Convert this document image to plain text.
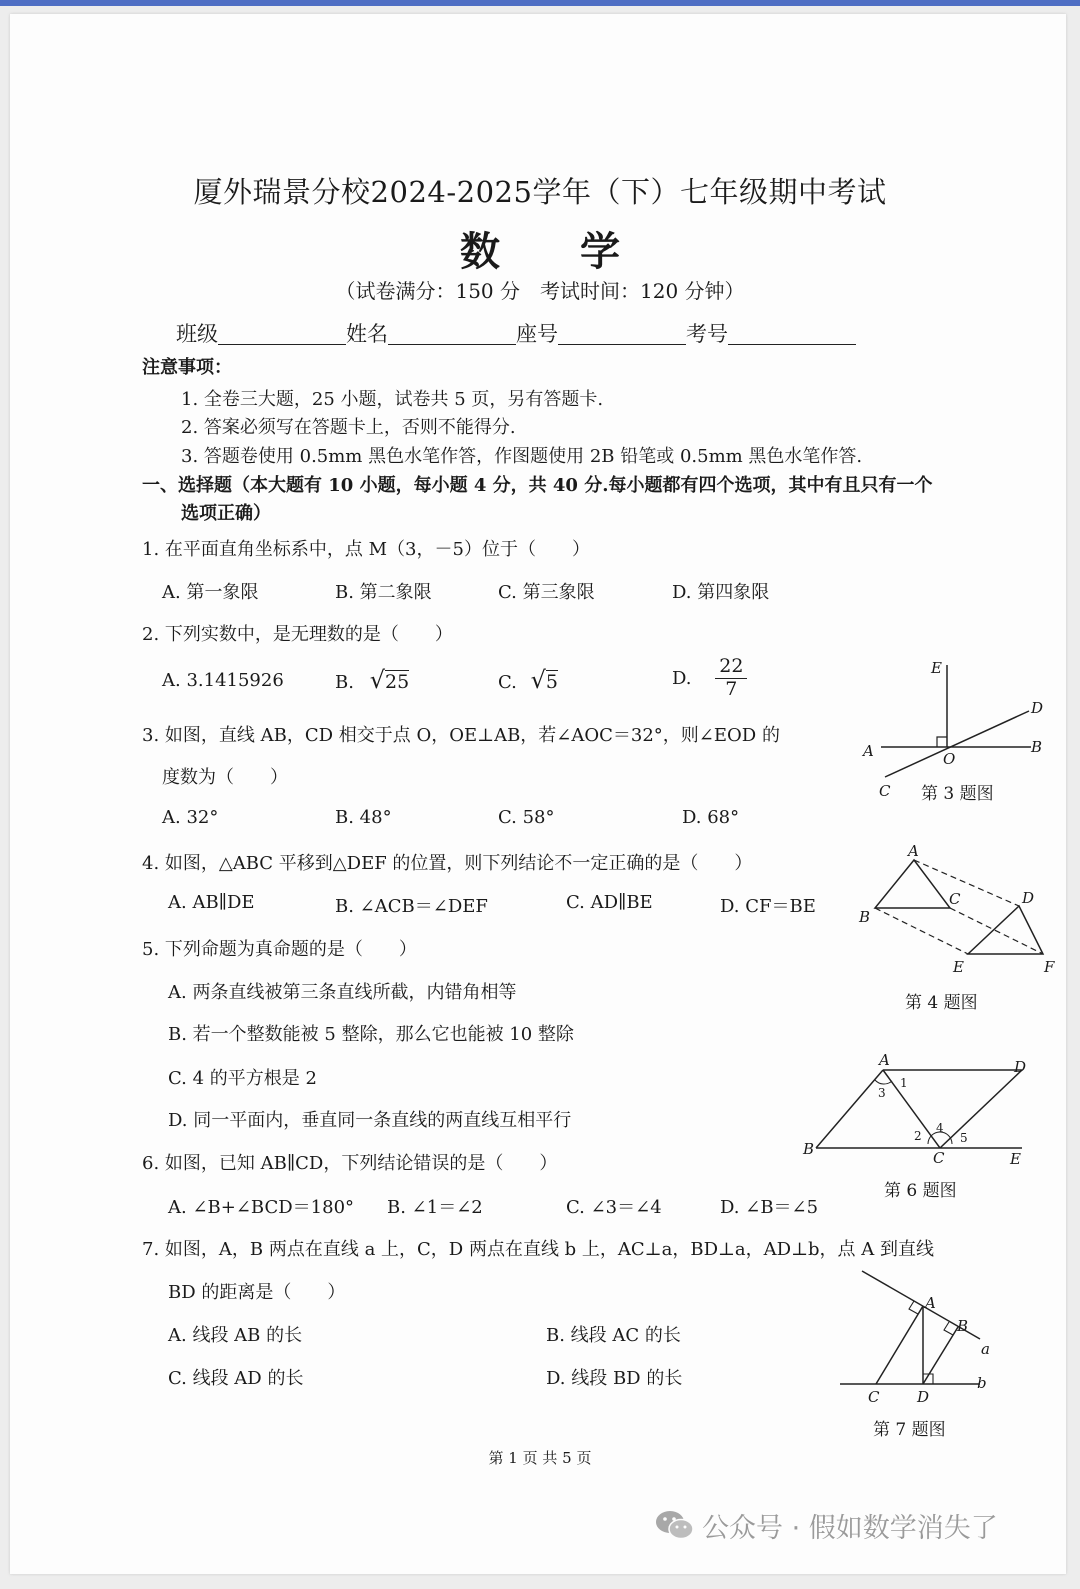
厦外瑞景分校2024-2025学年（下）七年级期中考试
数学
（试卷满分：150 分　考试时间：120 分钟）
班级	姓名	座号	考号
注意事项：
1. 全卷三大题，25 小题，试卷共 5 页，另有答题卡.
2. 答案必须写在答题卡上，否则不能得分.
3. 答题卷使用 0.5mm 黑色水笔作答，作图题使用 2B 铅笔或 0.5mm 黑色水笔作答.
一、选择题（本大题有 10 小题，每小题 4 分，共 40 分.每小题都有四个选项，其中有且只有一个
选项正确）
1. 在平面直角坐标系中，点 M（3，－5）位于（　　）
A. 第一象限	B. 第二象限	C. 第三象限	D. 第四象限
2. 下列实数中，是无理数的是（　　）
A. 3.1415926	B. √25	C. √5	D. $\frac{22}{7}$
3. 如图，直线 AB，CD 相交于点 O，OE⊥AB，若∠AOC＝32°，则∠EOD 的
度数为（　　）
A. 32°	B. 48°	C. 58°	D. 68°
4. 如图，△ABC 平移到△DEF 的位置，则下列结论不一定正确的是（　　）
A. AB∥DE	B. ∠ACB＝∠DEF	C. AD∥BE	D. CF＝BE
5. 下列命题为真命题的是（　　）
A. 两条直线被第三条直线所截，内错角相等
B. 若一个整数能被 5 整除，那么它也能被 10 整除
C. 4 的平方根是 2
D. 同一平面内，垂直同一条直线的两直线互相平行
6. 如图，已知 AB∥CD，下列结论错误的是（　　）
A. ∠B+∠BCD＝180° B. ∠1＝∠2	C. ∠3＝∠4	D. ∠B＝∠5
7. 如图，A，B 两点在直线 a 上，C，D 两点在直线 b 上，AC⊥a，BD⊥a，AD⊥b，点 A 到直线
BD 的距离是（　　）
A. 线段 AB 的长	B. 线段 AC 的长
C. 线段 AD 的长	D. 线段 BD 的长
E
D
A	O
B
C 第 3 题图
A
C	D
B
E	F
第 4 题图
A	D
1
3
2
4
5
B	C	E
第 6 题图
A
B
a
C	D
b
第 7 题图
第 1 页 共 5 页
公众号 · 假如数学消失了
